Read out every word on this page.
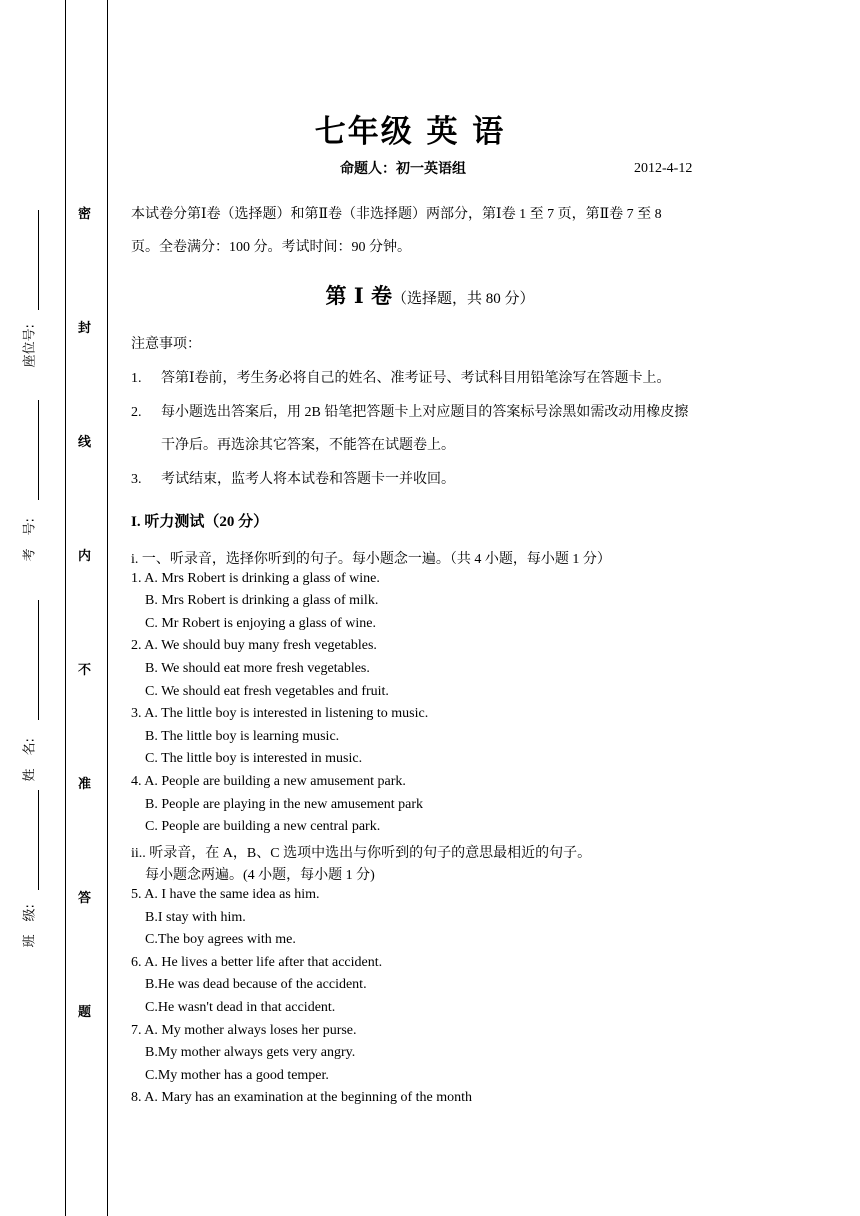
密
封
线
内
不
准
答
题
座位号:
考　号:
姓　名:
班　级:
七年级 英 语
命题人：初一英语组	2012-4-12
本试卷分第Ⅰ卷（选择题）和第Ⅱ卷（非选择题）两部分，第Ⅰ卷 1 至 7 页，第Ⅱ卷 7 至 8
页。全卷满分：100 分。考试时间：90 分钟。
第 I 卷（选择题，共 80 分）
注意事项：
1. 答第Ⅰ卷前，考生务必将自己的姓名、准考证号、考试科目用铅笔涂写在答题卡上。
2. 每小题选出答案后，用 2B 铅笔把答题卡上对应题目的答案标号涂黑如需改动用橡皮擦
干净后。再选涂其它答案，不能答在试题卷上。
3. 考试结束，监考人将本试卷和答题卡一并收回。
I. 听力测试（20 分）
i. 一、听录音，选择你听到的句子。每小题念一遍。（共 4 小题，每小题 1 分）
1. A. Mrs Robert is drinking a glass of wine.
B. Mrs Robert is drinking a glass of milk.
C. Mr Robert is enjoying a glass of wine.
2. A. We should buy many fresh vegetables.
B. We should eat more fresh vegetables.
C. We should eat fresh vegetables and fruit.
3. A. The little boy is interested in listening to music.
B. The little boy is learning music.
C. The little boy is interested in music.
4. A. People are building a new amusement park.
B. People are playing in the new amusement park
C. People are building a new central park.
ii.. 听录音，在 A，B、C 选项中选出与你听到的句子的意思最相近的句子。
每小题念两遍。(4 小题，每小题 1 分)
5. A. I have the same idea as him.
B.I stay with him.
C.The boy agrees with me.
6. A. He lives a better life after that accident.
B.He was dead because of the accident.
C.He wasn't dead in that accident.
7. A. My mother always loses her purse.
B.My mother always gets very angry.
C.My mother has a good temper.
8. A. Mary has an examination at the beginning of the month
